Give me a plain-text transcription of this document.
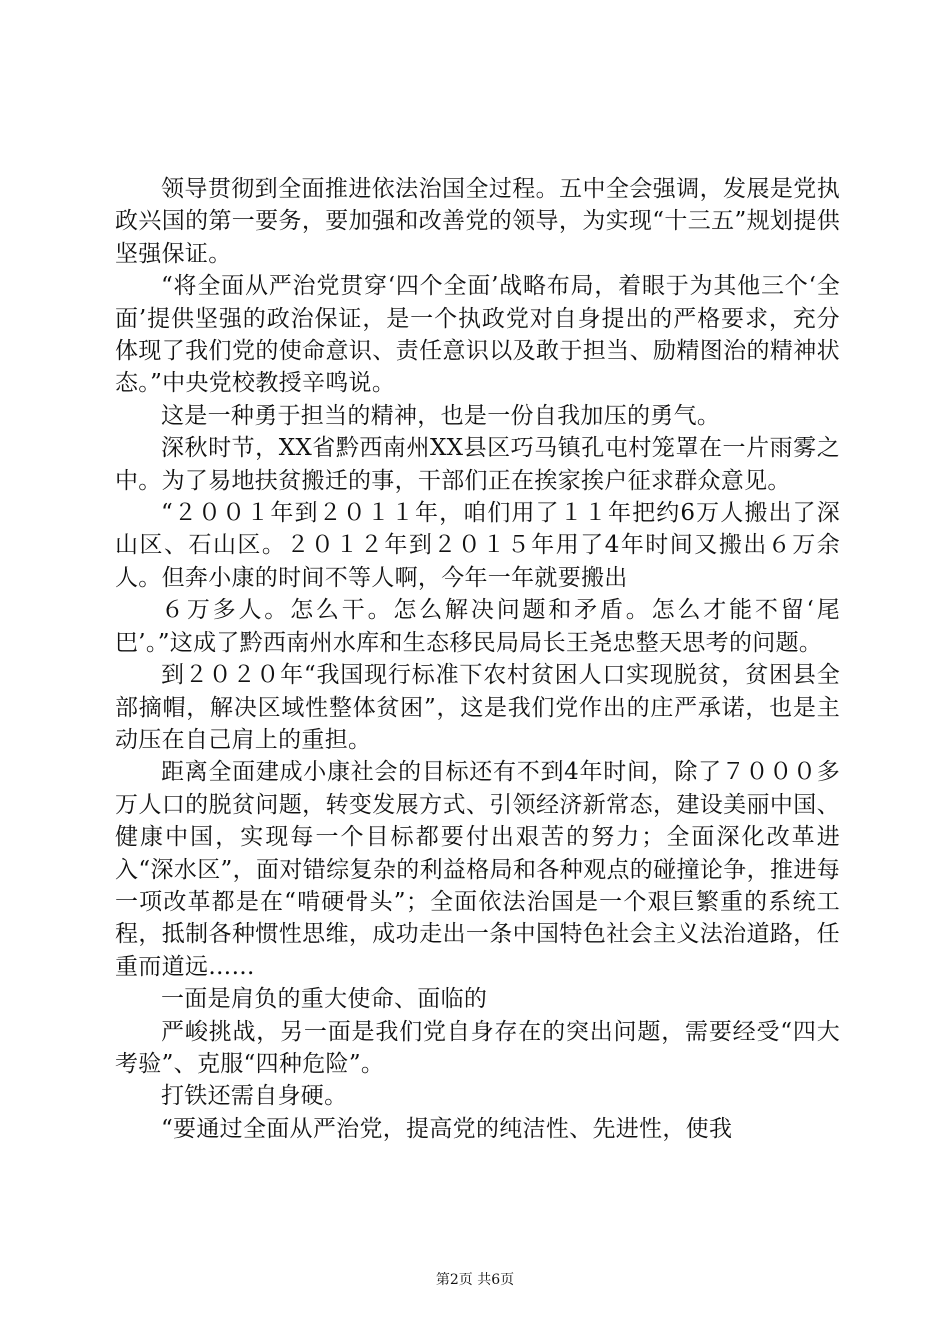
领导贯彻到全面推进依法治国全过程。五中全会强调，发展是党执政兴国的第一要务，要加强和改善党的领导，为实现“十三五”规划提供坚强保证。

“将全面从严治党贯穿‘四个全面’战略布局，着眼于为其他三个‘全面’提供坚强的政治保证，是一个执政党对自身提出的严格要求，充分体现了我们党的使命意识、责任意识以及敢于担当、励精图治的精神状态。”中央党校教授辛鸣说。

这是一种勇于担当的精神，也是一份自我加压的勇气。

深秋时节，XX省黔西南州XX县区巧马镇孔屯村笼罩在一片雨雾之中。为了易地扶贫搬迁的事，干部们正在挨家挨户征求群众意见。

“２００１年到２０１１年，咱们用了１１年把约6万人搬出了深山区、石山区。２０１２年到２０１５年用了4年时间又搬出６万余人。但奔小康的时间不等人啊，今年一年就要搬出

６万多人。怎么干。怎么解决问题和矛盾。怎么才能不留‘尾巴’。”这成了黔西南州水库和生态移民局局长王尧忠整天思考的问题。

到２０２０年“我国现行标准下农村贫困人口实现脱贫，贫困县全部摘帽，解决区域性整体贫困”，这是我们党作出的庄严承诺，也是主动压在自己肩上的重担。

距离全面建成小康社会的目标还有不到4年时间，除了７０００多万人口的脱贫问题，转变发展方式、引领经济新常态，建设美丽中国、健康中国，实现每一个目标都要付出艰苦的努力；全面深化改革进入“深水区”，面对错综复杂的利益格局和各种观点的碰撞论争，推进每一项改革都是在“啃硬骨头”；全面依法治国是一个艰巨繁重的系统工程，抵制各种惯性思维，成功走出一条中国特色社会主义法治道路，任重而道远……

一面是肩负的重大使命、面临的

严峻挑战，另一面是我们党自身存在的突出问题，需要经受“四大考验”、克服“四种危险”。

打铁还需自身硬。

“要通过全面从严治党，提高党的纯洁性、先进性，使我

第2页 共6页
